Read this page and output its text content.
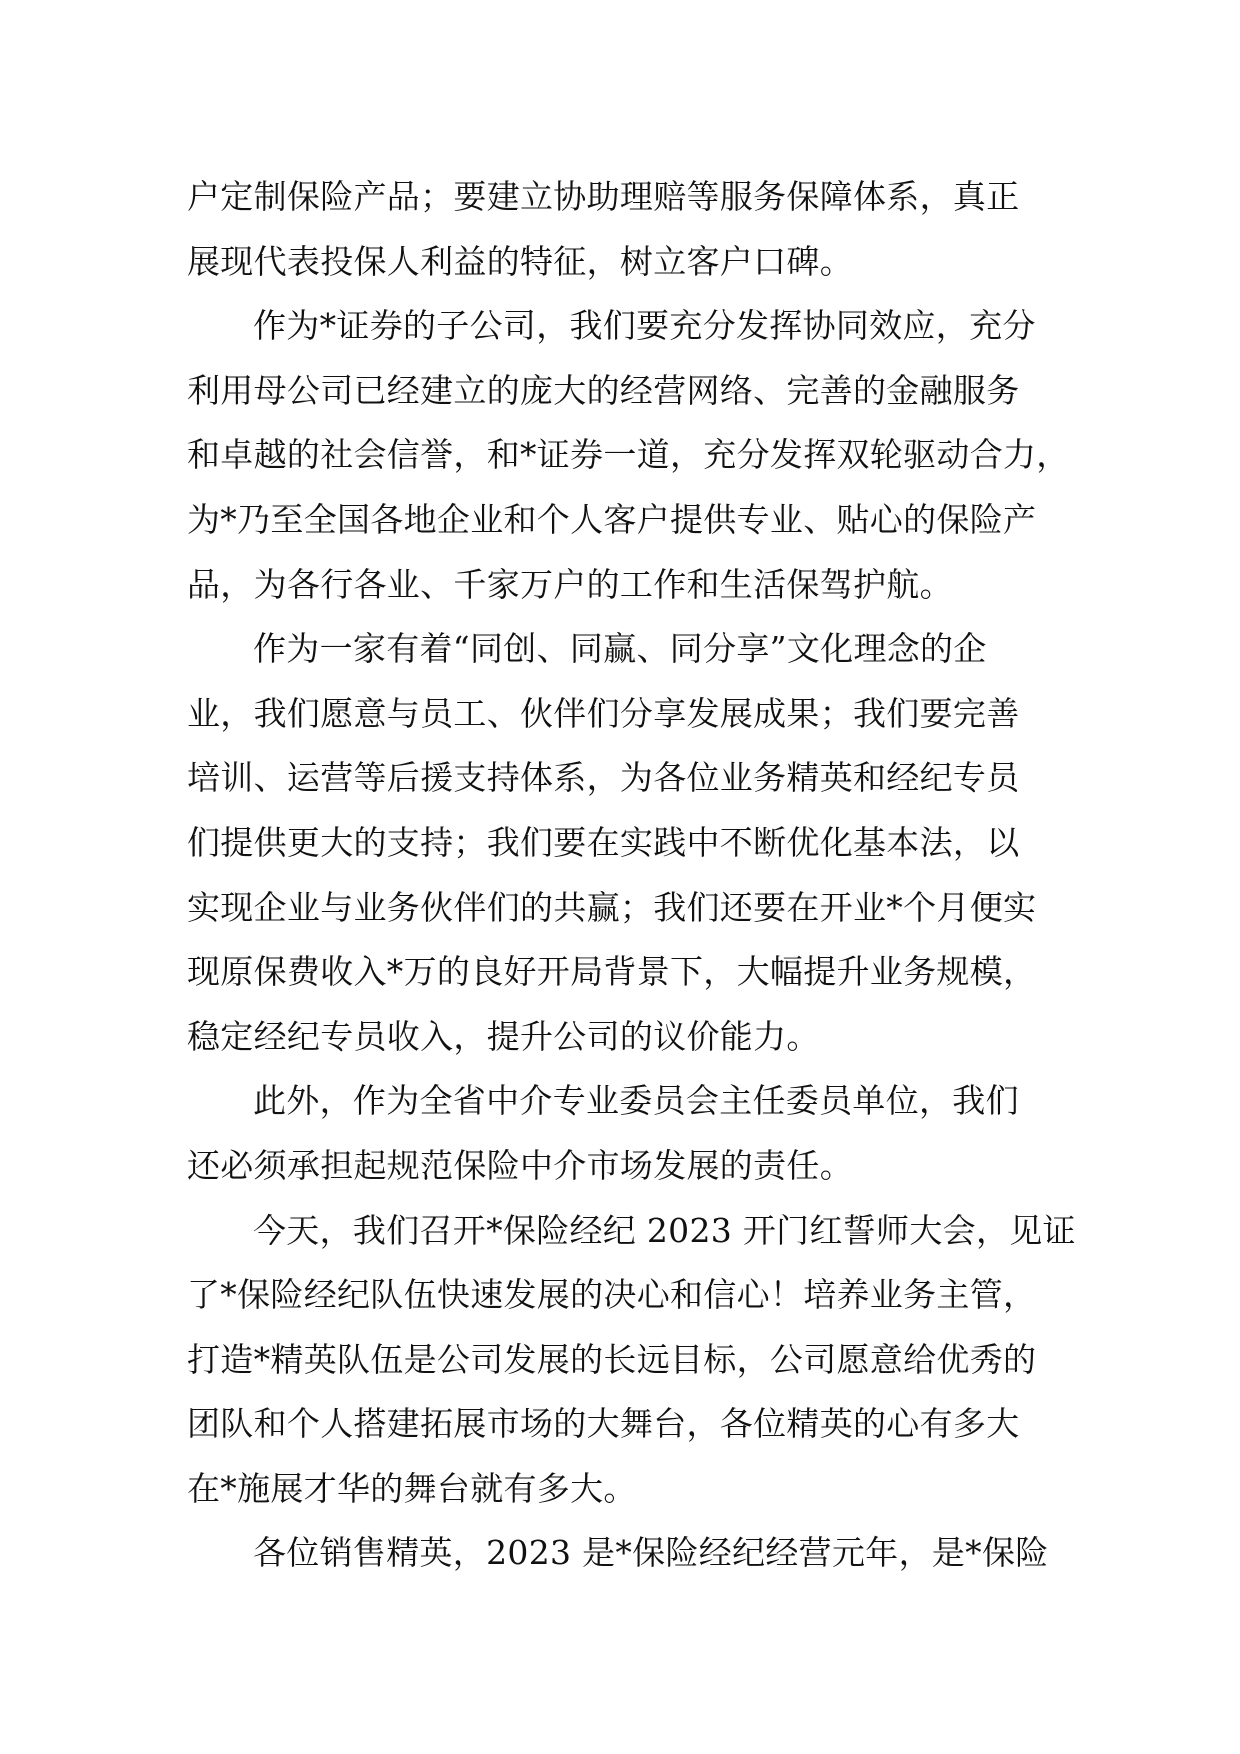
户定制保险产品；要建立协助理赔等服务保障体系，真正
展现代表投保人利益的特征，树立客户口碑。
作为*证券的子公司，我们要充分发挥协同效应，充分
利用母公司已经建立的庞大的经营网络、完善的金融服务
和卓越的社会信誉，和*证券一道，充分发挥双轮驱动合力，
为*乃至全国各地企业和个人客户提供专业、贴心的保险产
品，为各行各业、千家万户的工作和生活保驾护航。
作为一家有着“同创、同赢、同分享”文化理念的企
业，我们愿意与员工、伙伴们分享发展成果；我们要完善
培训、运营等后援支持体系，为各位业务精英和经纪专员
们提供更大的支持；我们要在实践中不断优化基本法，以
实现企业与业务伙伴们的共赢；我们还要在开业*个月便实
现原保费收入*万的良好开局背景下，大幅提升业务规模，
稳定经纪专员收入，提升公司的议价能力。
此外，作为全省中介专业委员会主任委员单位，我们
还必须承担起规范保险中介市场发展的责任。
今天，我们召开*保险经纪 2023 开门红誓师大会，见证
了*保险经纪队伍快速发展的决心和信心！培养业务主管，
打造*精英队伍是公司发展的长远目标，公司愿意给优秀的
团队和个人搭建拓展市场的大舞台，各位精英的心有多大
在*施展才华的舞台就有多大。
各位销售精英，2023 是*保险经纪经营元年，是*保险
